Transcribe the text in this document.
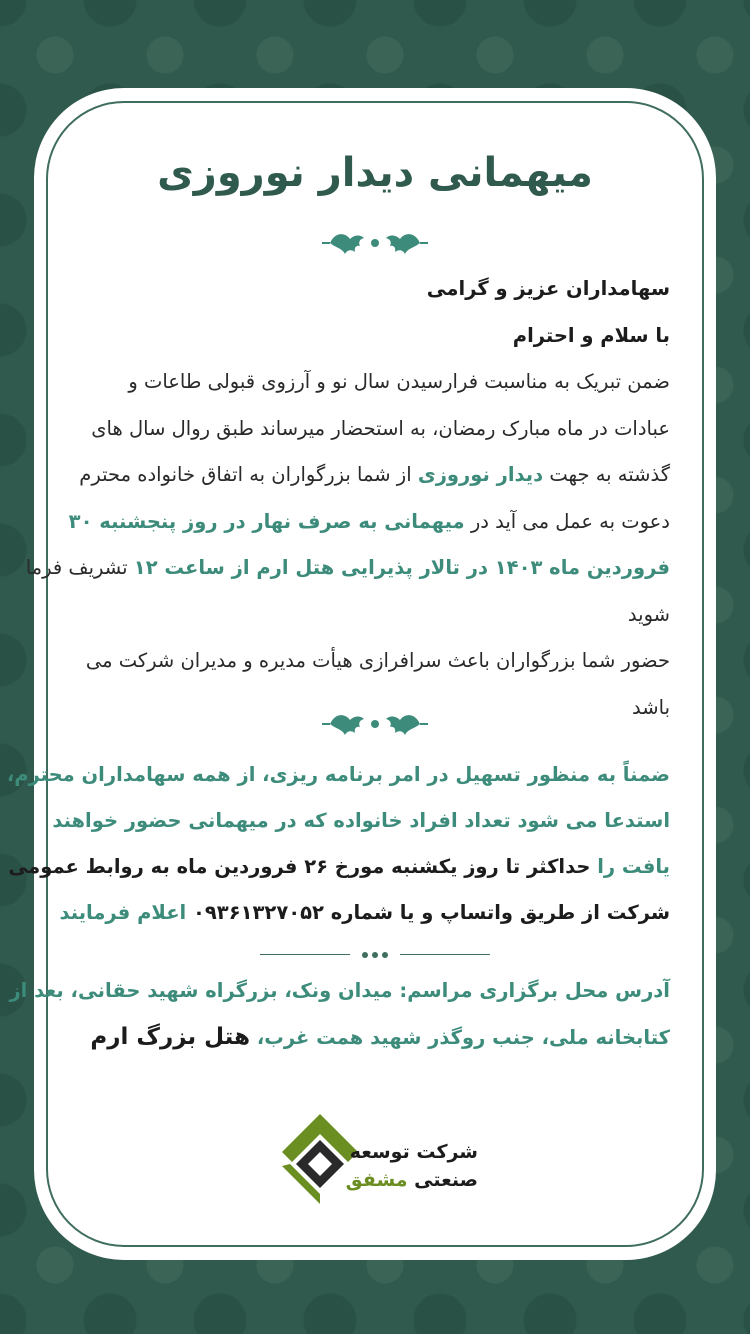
میهمانی دیدار نوروزی
سهامداران عزیز و گرامی
با سلام و احترام
ضمن تبریک به مناسبت فرارسیدن سال نو و آرزوی قبولی طاعات و
عبادات در ماه مبارک رمضان، به استحضار میرساند طبق روال سال های
گذشته به جهت دیدار نوروزی از شما بزرگواران به اتفاق خانواده محترم
دعوت به عمل می آید در میهمانی به صرف نهار در روز پنجشنبه ۳۰
فروردین ماه ۱۴۰۳ در تالار پذیرایی هتل ارم از ساعت ۱۲ تشریف فرما
شوید
حضور شما بزرگواران باعث سرافرازی هیأت مدیره و مدیران شرکت می
باشد
ضمناً به منظور تسهیل در امر برنامه ریزی، از همه سهامداران محترم،
استدعا می شود تعداد افراد خانواده که در میهمانی حضور خواهند
یافت را حداکثر تا روز یکشنبه مورخ ۲۶ فروردین ماه به روابط عمومی
شرکت از طریق واتساپ و یا شماره ۰۹۳۶۱۳۲۷۰۵۲ اعلام فرمایند
آدرس محل برگزاری مراسم: میدان ونک، بزرگراه شهید حقانی، بعد از
کتابخانه ملی، جنب روگذر شهید همت غرب، هتل بزرگ ارم
شرکت توسعه
صنعتی مشفق
